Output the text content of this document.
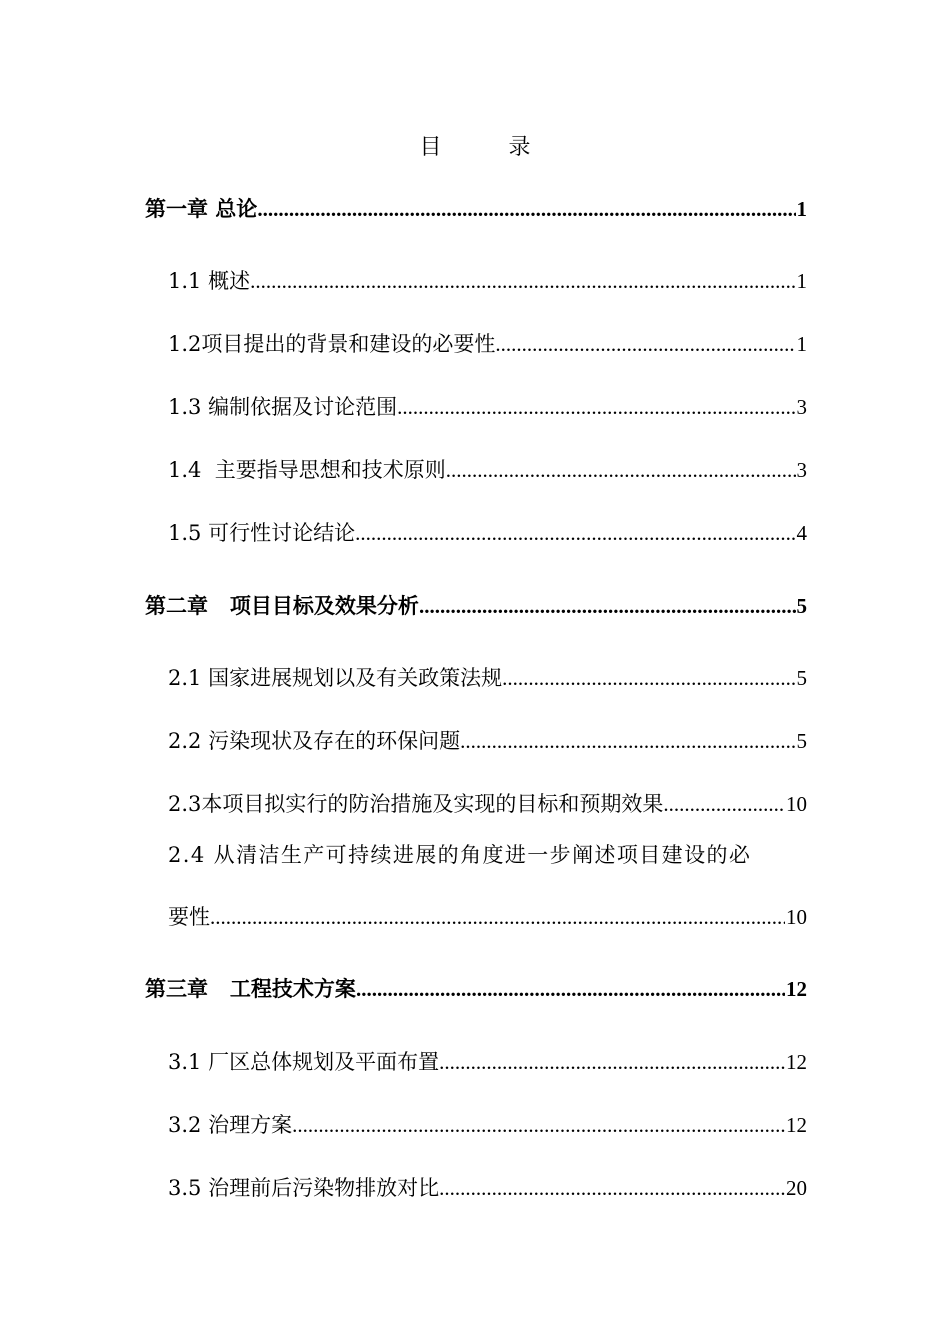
目 录
第一章 总论 .....	1
1.1 概述 .....	1
1.2项目提出的背景和建设的必要性 .....	1
1.3 编制依据及讨论范围 .....	3
1.4  主要指导思想和技术原则 .....	3
1.5 可行性讨论结论 .....	4
第二章   项目目标及效果分析 .....	5
2.1 国家进展规划以及有关政策法规 .....	5
2.2 污染现状及存在的环保问题 .....	5
2.3本项目拟实行的防治措施及实现的目标和预期效果 .....	10
2.4 从清洁生产可持续进展的角度进一步阐述项目建设的必
要性 .....	10
第三章   工程技术方案 .....	12
3.1 厂区总体规划及平面布置 .....	12
3.2 治理方案 .....	12
3.5 治理前后污染物排放对比 .....	20
